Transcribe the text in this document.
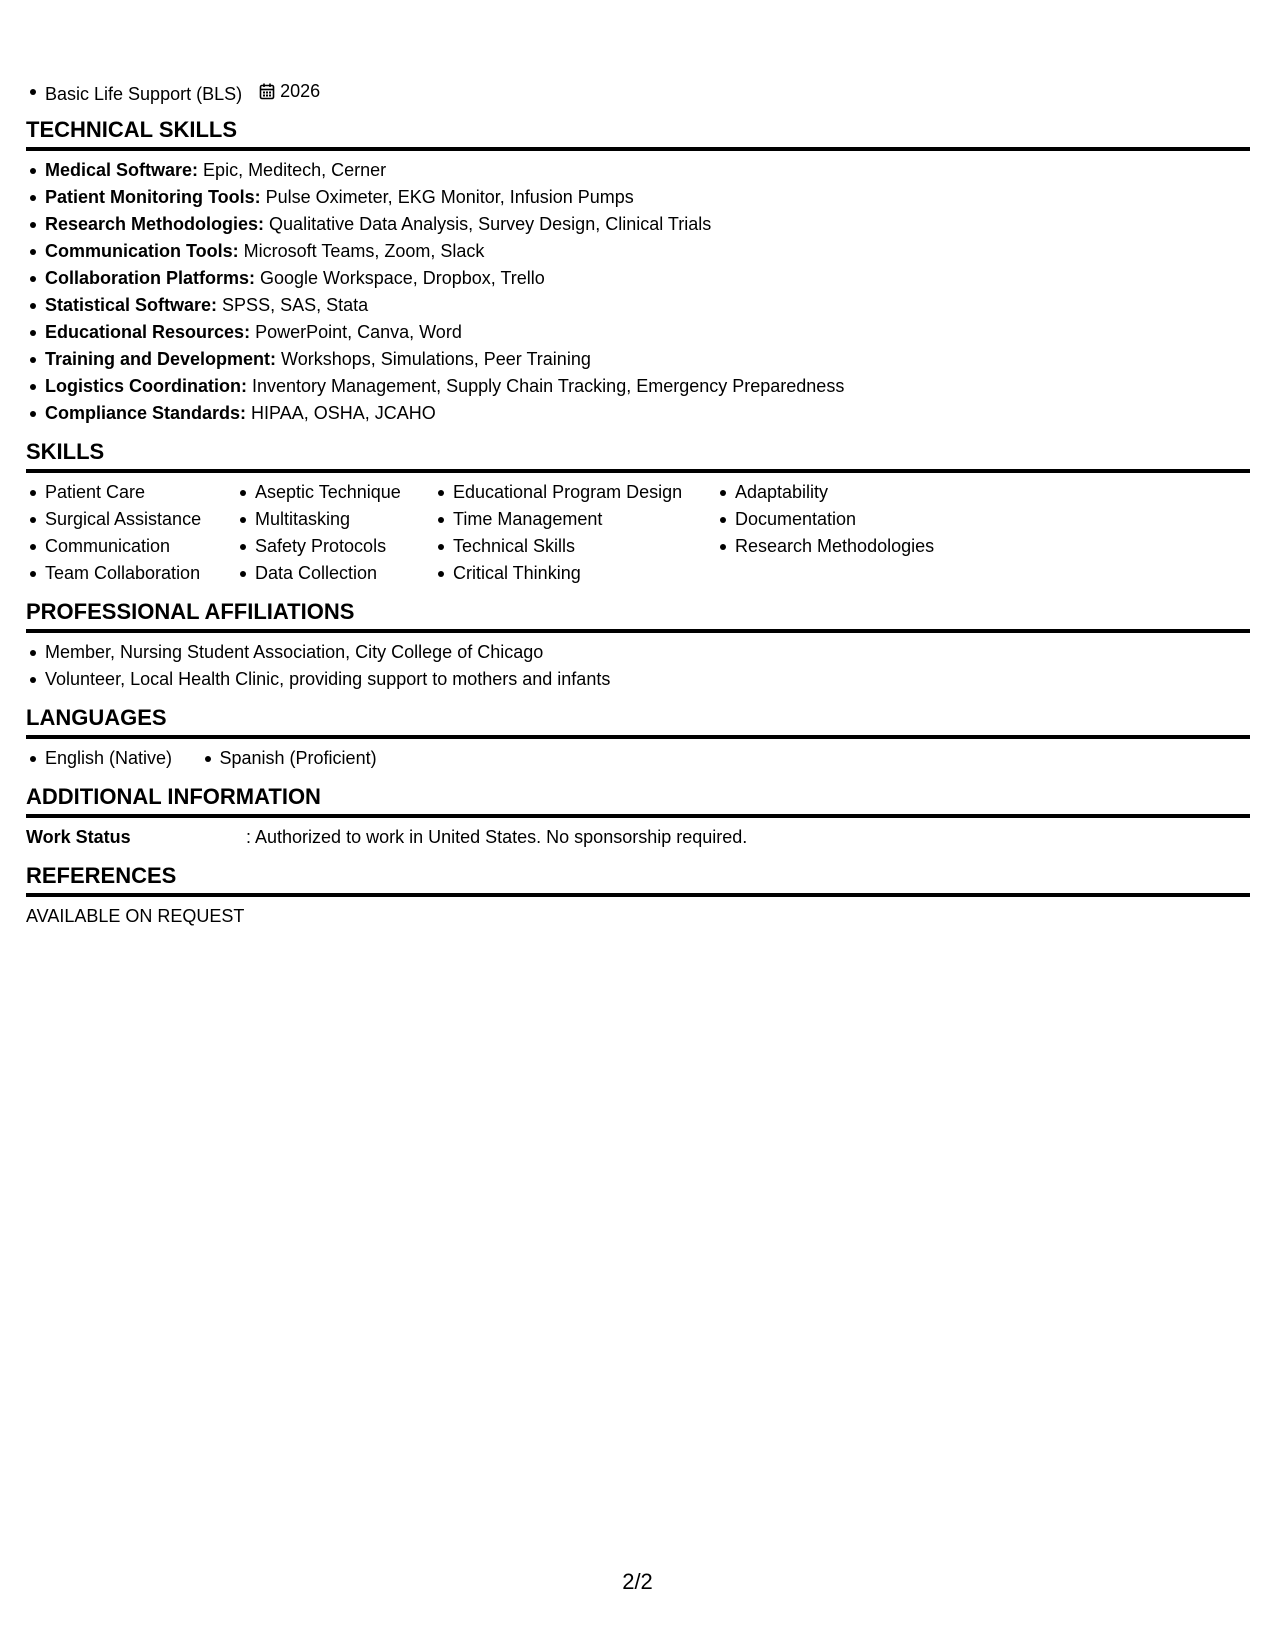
Basic Life Support (BLS) 2026
TECHNICAL SKILLS
Medical Software: Epic, Meditech, Cerner
Patient Monitoring Tools: Pulse Oximeter, EKG Monitor, Infusion Pumps
Research Methodologies: Qualitative Data Analysis, Survey Design, Clinical Trials
Communication Tools: Microsoft Teams, Zoom, Slack
Collaboration Platforms: Google Workspace, Dropbox, Trello
Statistical Software: SPSS, SAS, Stata
Educational Resources: PowerPoint, Canva, Word
Training and Development: Workshops, Simulations, Peer Training
Logistics Coordination: Inventory Management, Supply Chain Tracking, Emergency Preparedness
Compliance Standards: HIPAA, OSHA, JCAHO
SKILLS
Patient Care
Surgical Assistance
Communication
Team Collaboration
Aseptic Technique
Multitasking
Safety Protocols
Data Collection
Educational Program Design
Time Management
Technical Skills
Critical Thinking
Adaptability
Documentation
Research Methodologies
PROFESSIONAL AFFILIATIONS
Member, Nursing Student Association, City College of Chicago
Volunteer, Local Health Clinic, providing support to mothers and infants
LANGUAGES
English (Native)	Spanish (Proficient)
ADDITIONAL INFORMATION
Work Status	: Authorized to work in United States. No sponsorship required.
REFERENCES
AVAILABLE ON REQUEST
2/2
